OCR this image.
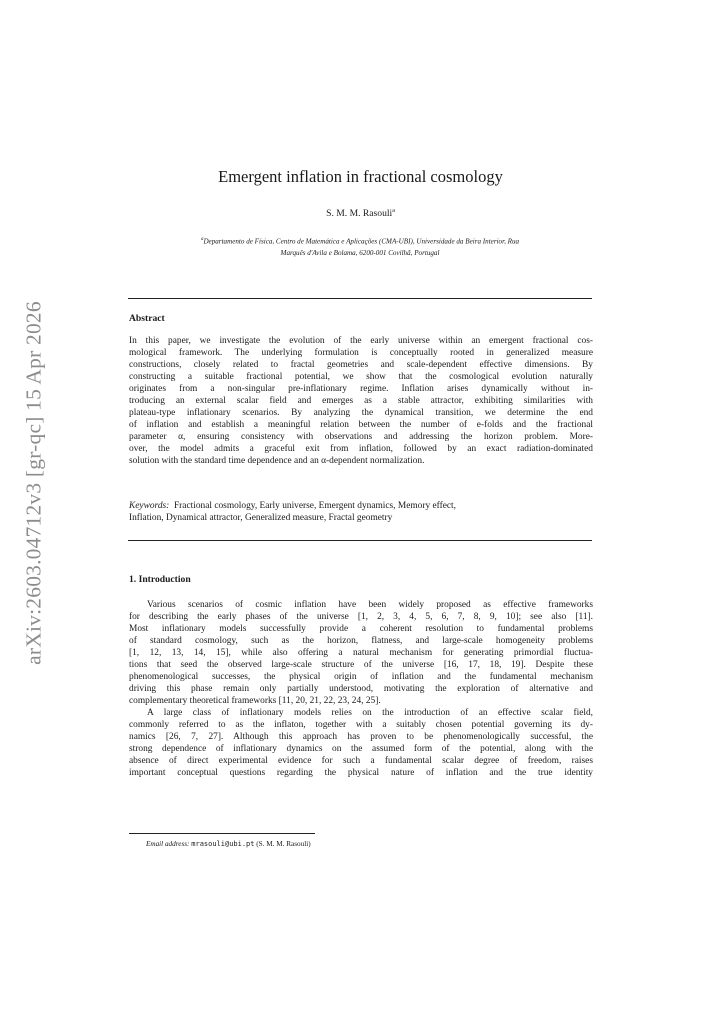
arXiv:2603.04712v3 [gr-qc] 15 Apr 2026
Emergent inflation in fractional cosmology
S. M. M. Rasouli$^a$
$^a$Departamento de Física, Centro de Matemática e Aplicações (CMA-UBI), Universidade da Beira Interior, Rua
Marquês d'Avila e Bolama, 6200-001 Covilhã, Portugal
Abstract
In this paper, we investigate the evolution of the early universe within an emergent fractional cos-
mological framework. The underlying formulation is conceptually rooted in generalized measure
constructions, closely related to fractal geometries and scale-dependent effective dimensions. By
constructing a suitable fractional potential, we show that the cosmological evolution naturally
originates from a non-singular pre-inflationary regime. Inflation arises dynamically without in-
troducing an external scalar field and emerges as a stable attractor, exhibiting similarities with
plateau-type inflationary scenarios. By analyzing the dynamical transition, we determine the end
of inflation and establish a meaningful relation between the number of e-folds and the fractional
parameter α, ensuring consistency with observations and addressing the horizon problem. More-
over, the model admits a graceful exit from inflation, followed by an exact radiation-dominated
solution with the standard time dependence and an α-dependent normalization.
Keywords: Fractional cosmology, Early universe, Emergent dynamics, Memory effect,
Inflation, Dynamical attractor, Generalized measure, Fractal geometry
1. Introduction
Various scenarios of cosmic inflation have been widely proposed as effective frameworks
for describing the early phases of the universe [1, 2, 3, 4, 5, 6, 7, 8, 9, 10]; see also [11].
Most inflationary models successfully provide a coherent resolution to fundamental problems
of standard cosmology, such as the horizon, flatness, and large-scale homogeneity problems
[1, 12, 13, 14, 15], while also offering a natural mechanism for generating primordial fluctua-
tions that seed the observed large-scale structure of the universe [16, 17, 18, 19]. Despite these
phenomenological successes, the physical origin of inflation and the fundamental mechanism
driving this phase remain only partially understood, motivating the exploration of alternative and
complementary theoretical frameworks [11, 20, 21, 22, 23, 24, 25].
A large class of inflationary models relies on the introduction of an effective scalar field,
commonly referred to as the inflaton, together with a suitably chosen potential governing its dy-
namics [26, 7, 27]. Although this approach has proven to be phenomenologically successful, the
strong dependence of inflationary dynamics on the assumed form of the potential, along with the
absence of direct experimental evidence for such a fundamental scalar degree of freedom, raises
important conceptual questions regarding the physical nature of inflation and the true identity
Email address: mrasouli@ubi.pt (S. M. M. Rasouli)
